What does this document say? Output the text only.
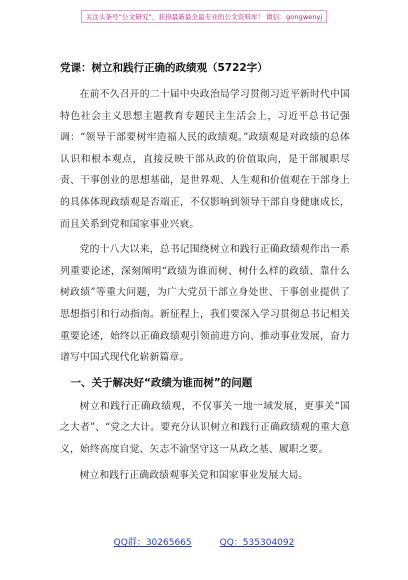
关注头条号“公文研究”，获得最新最全最专业的公文资料库！ 微信：gongwenyj
党课：树立和践行正确的政绩观（5722字）

在前不久召开的二十届中央政治局学习贯彻习近平新时代中国特色社会主义思想主题教育专题民主生活会上，习近平总书记强调：“领导干部要树牢造福人民的政绩观。”政绩观是对政绩的总体认识和根本观点，直接反映干部从政的价值取向，是干部履职尽责、干事创业的思想基础，是世界观、人生观和价值观在干部身上的具体体现政绩观是否端正，不仅影响到领导干部自身健康成长，而且关系到党和国家事业兴衰。

党的十八大以来，总书记围绕树立和践行正确政绩观作出一系列重要论述，深刻阐明“政绩为谁而树、树什么样的政绩、靠什么树政绩”等重大问题，为广大党员干部立身处世、干事创业提供了思想指引和行动指南。新征程上，我们要深入学习贯彻总书记相关重要论述，始终以正确政绩观引领前进方向、推动事业发展，奋力谱写中国式现代化崭新篇章。

一、关于解决好“政绩为谁而树”的问题

树立和践行正确政绩观，不仅事关一地一域发展，更事关“国之大者”、“党之大计。要充分认识树立和践行正确政绩观的重大意义，始终高度自觉、矢志不渝坚守这一从政之基、履职之要。

树立和践行正确政绩观事关党和国家事业发展大局。

QQ群：30265665	QQ：535304092
